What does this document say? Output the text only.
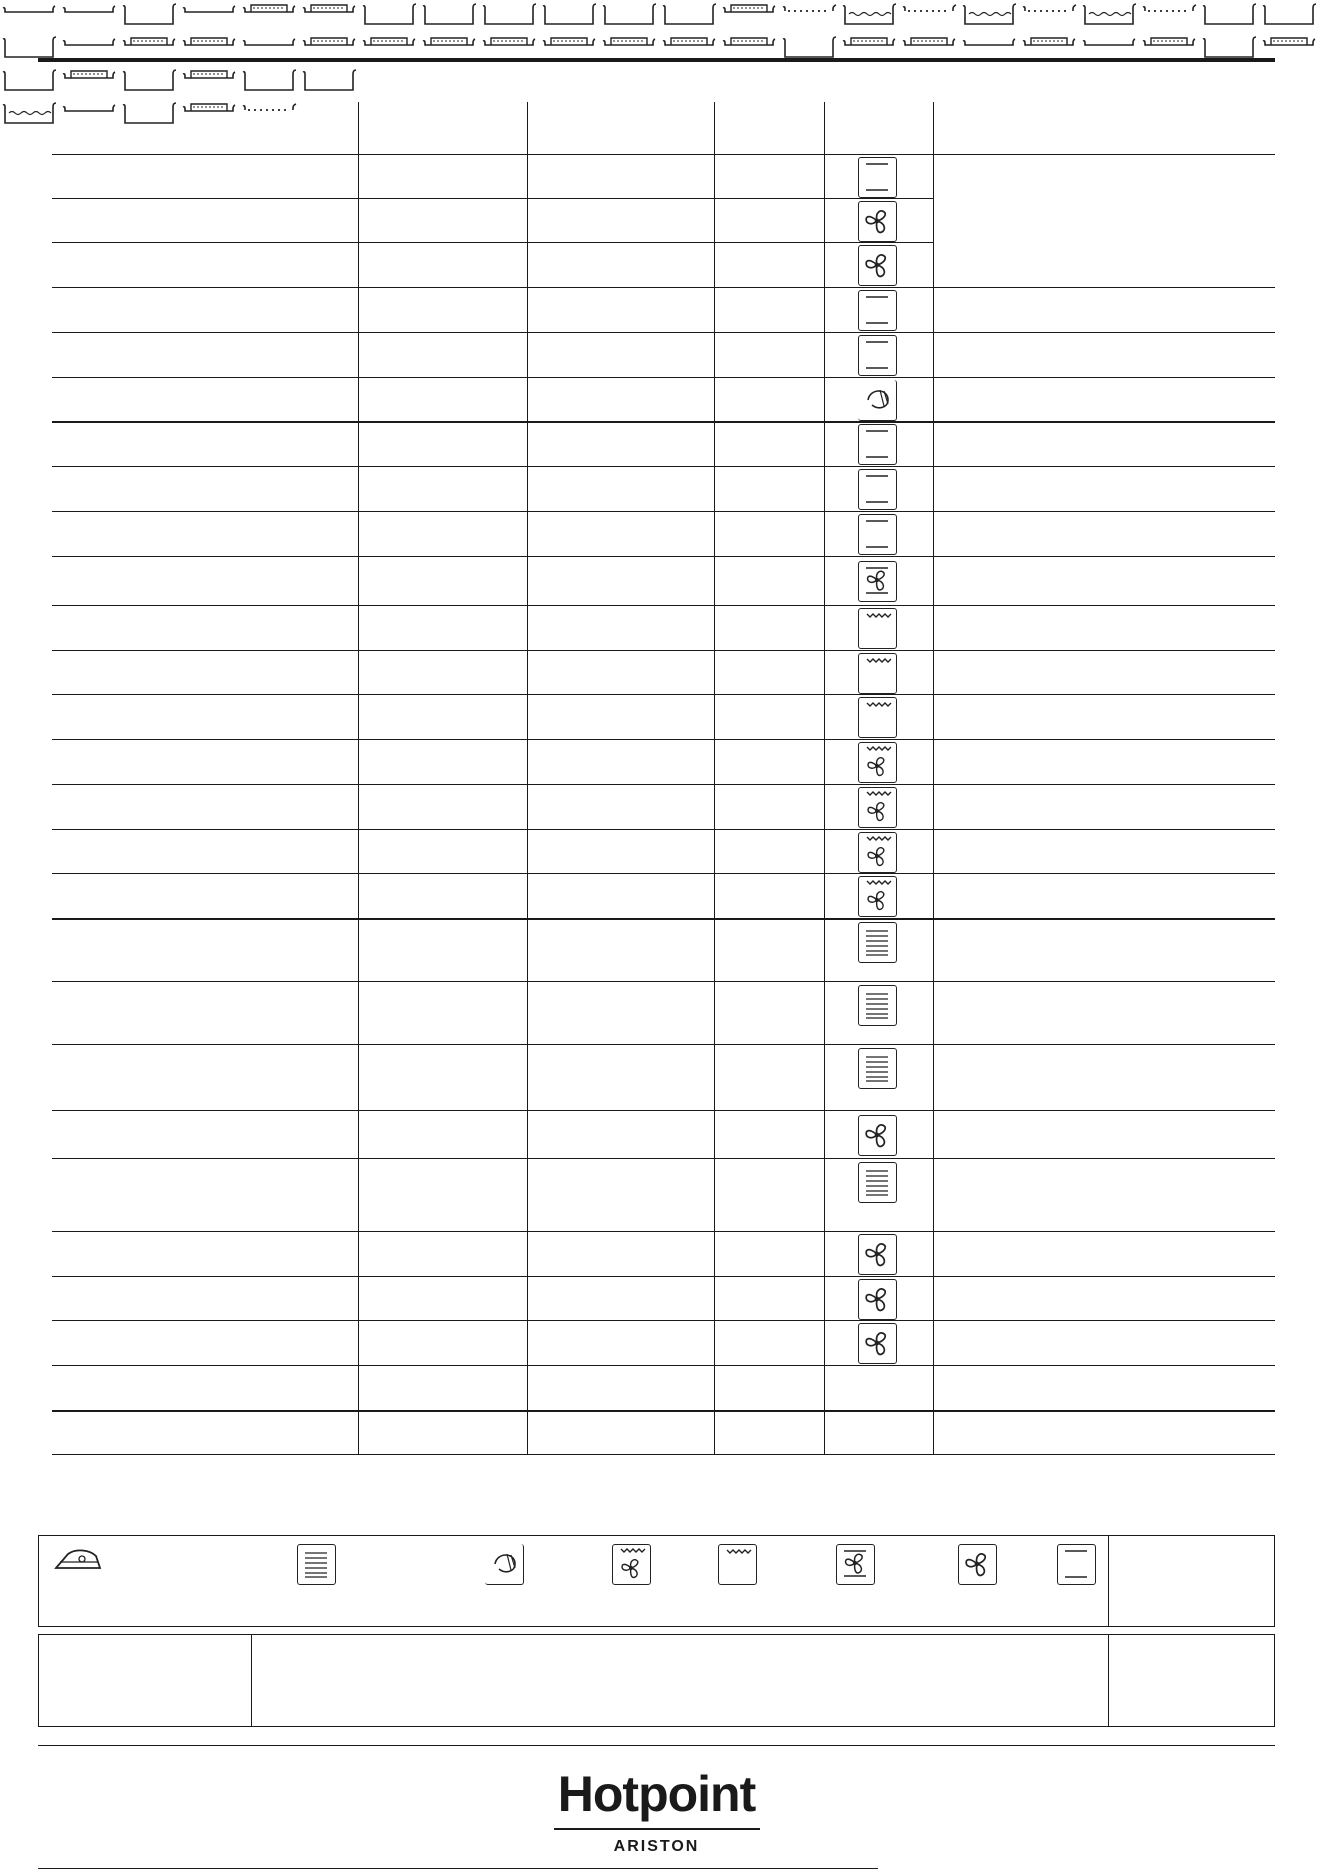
Hotpoint
ARISTON
